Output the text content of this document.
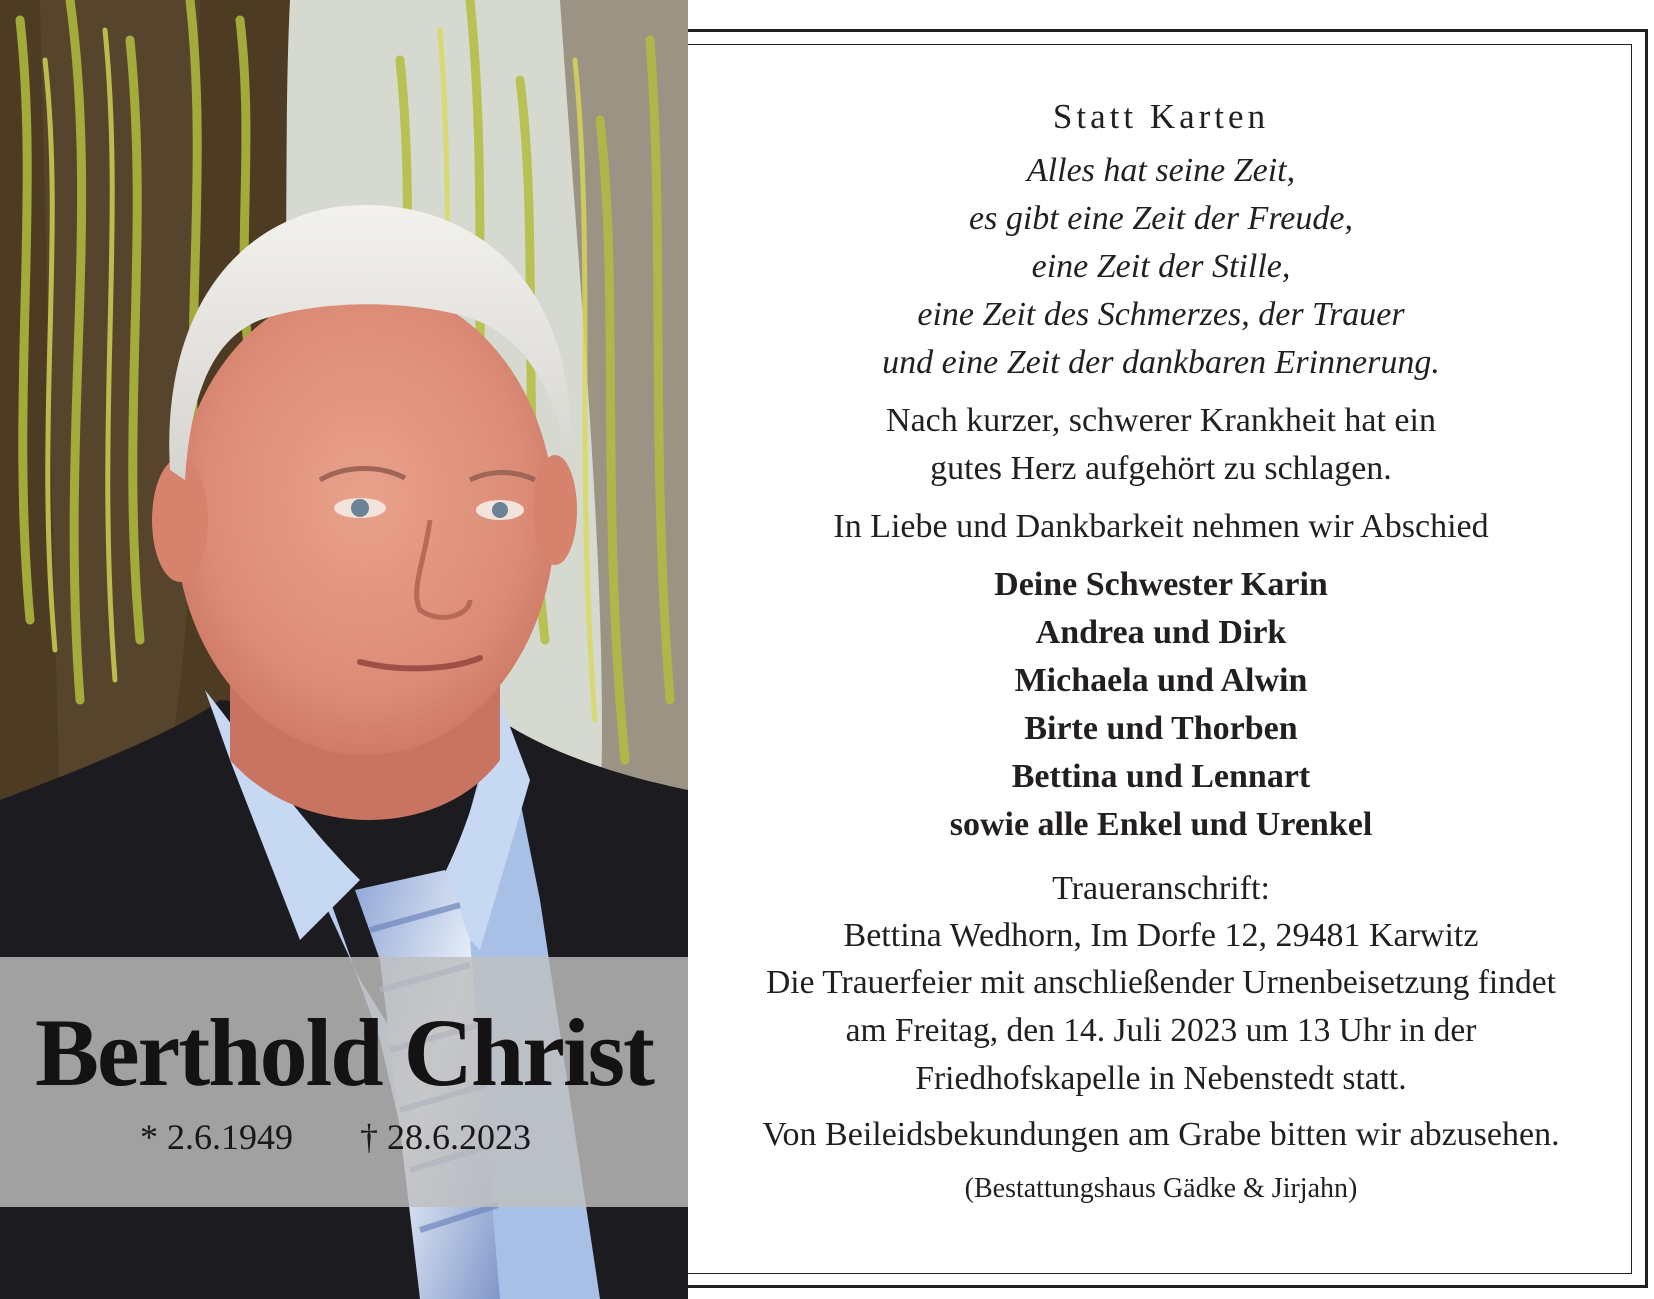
Berthold Christ
* 2.6.1949 † 28.6.2023
Statt Karten
Alles hat seine Zeit,
es gibt eine Zeit der Freude,
eine Zeit der Stille,
eine Zeit des Schmerzes, der Trauer
und eine Zeit der dankbaren Erinnerung.
Nach kurzer, schwerer Krankheit hat ein
gutes Herz aufgehört zu schlagen.
In Liebe und Dankbarkeit nehmen wir Abschied
Deine Schwester Karin
Andrea und Dirk
Michaela und Alwin
Birte und Thorben
Bettina und Lennart
sowie alle Enkel und Urenkel
Traueranschrift:
Bettina Wedhorn, Im Dorfe 12, 29481 Karwitz
Die Trauerfeier mit anschließender Urnenbeisetzung findet
am Freitag, den 14. Juli 2023 um 13 Uhr in der
Friedhofskapelle in Nebenstedt statt.
Von Beileidsbekundungen am Grabe bitten wir abzusehen.
(Bestattungshaus Gädke & Jirjahn)
